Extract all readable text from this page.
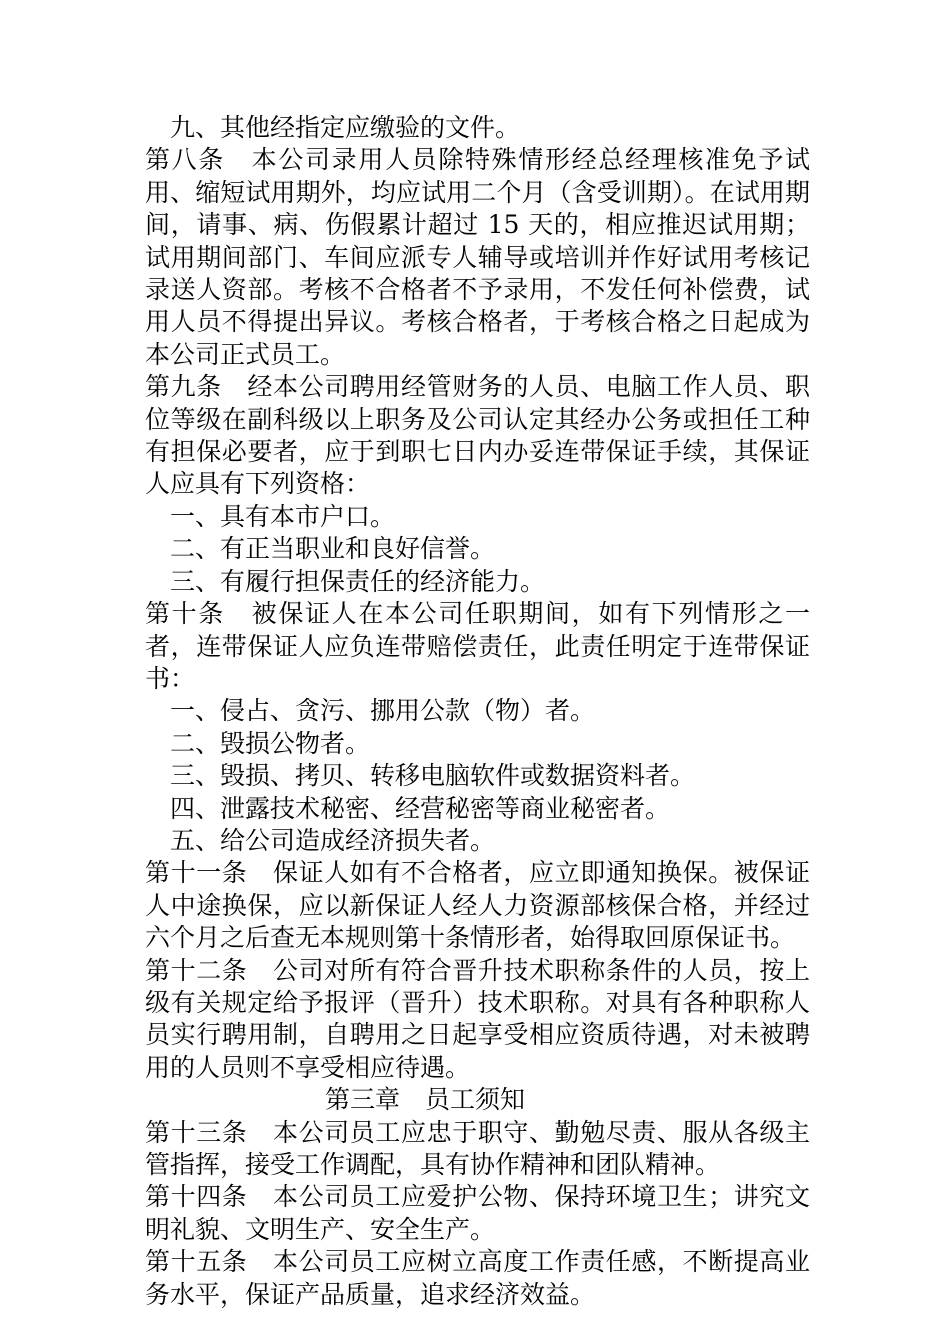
九、其他经指定应缴验的文件。

第八条　本公司录用人员除特殊情形经总经理核准免予试用、缩短试用期外，均应试用二个月（含受训期）。在试用期间，请事、病、伤假累计超过 15 天的，相应推迟试用期；试用期间部门、车间应派专人辅导或培训并作好试用考核记录送人资部。考核不合格者不予录用，不发任何补偿费，试用人员不得提出异议。考核合格者，于考核合格之日起成为本公司正式员工。

第九条　经本公司聘用经管财务的人员、电脑工作人员、职位等级在副科级以上职务及公司认定其经办公务或担任工种有担保必要者，应于到职七日内办妥连带保证手续，其保证人应具有下列资格：

一、具有本市户口。

二、有正当职业和良好信誉。

三、有履行担保责任的经济能力。

第十条　被保证人在本公司任职期间，如有下列情形之一者，连带保证人应负连带赔偿责任，此责任明定于连带保证书：

一、侵占、贪污、挪用公款（物）者。

二、毁损公物者。

三、毁损、拷贝、转移电脑软件或数据资料者。

四、泄露技术秘密、经营秘密等商业秘密者。

五、给公司造成经济损失者。

第十一条　保证人如有不合格者，应立即通知换保。被保证人中途换保，应以新保证人经人力资源部核保合格，并经过六个月之后查无本规则第十条情形者，始得取回原保证书。

第十二条　公司对所有符合晋升技术职称条件的人员，按上级有关规定给予报评（晋升）技术职称。对具有各种职称人员实行聘用制，自聘用之日起享受相应资质待遇，对未被聘用的人员则不享受相应待遇。

第三章　员工须知

第十三条　本公司员工应忠于职守、勤勉尽责、服从各级主管指挥，接受工作调配，具有协作精神和团队精神。

第十四条　本公司员工应爱护公物、保持环境卫生；讲究文明礼貌、文明生产、安全生产。

第十五条　本公司员工应树立高度工作责任感，不断提高业务水平，保证产品质量，追求经济效益。
